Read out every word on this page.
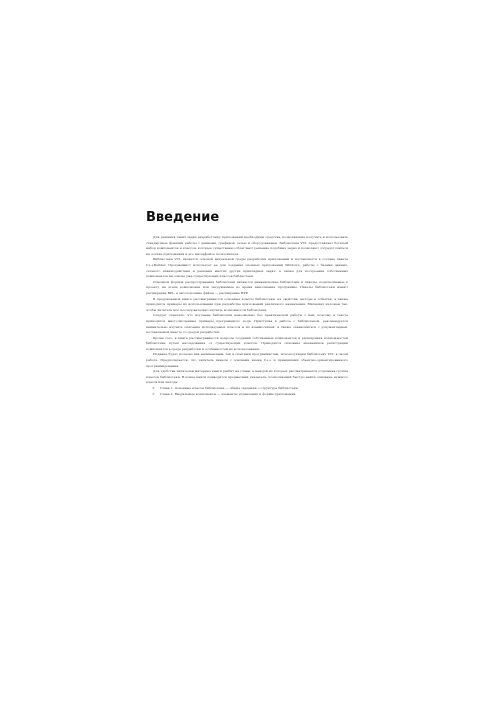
Введение

Для решения таких задач разработчику приложений необходимы средства, позволяющие получать и использовать стандартные функции работы с данными, графикой, сетью и оборудованием. Библиотека VCL предоставляет богатый набор компонентов и классов, которые существенно облегчают решение подобных задач и позволяют сосредоточиться на логике приложения и его интерфейсе пользователя.

Библиотека VCL является основой визуальной среды разработки приложений и поставляется в составе пакета C++Builder. Программист использует ее для создания оконных приложений Windows, работы с базами данных, сетевого взаимодействия и решения многих других прикладных задач, а также для построения собственных компонентов на основе уже существующих классов библиотеки.

Основной формой распространения библиотеки являются динамические библиотеки и пакеты, подключаемые к проекту на этапе компоновки или загружаемые во время выполнения программы. Пакеты библиотеки имеют расширение BPL, а заголовочные файлы — расширение HPP.

В предлагаемой книге рассматриваются основные классы библиотеки, их свойства, методы и события, а также приводятся примеры их использования при разработке приложений различного назначения. Материал изложен так, чтобы читатель мог последовательно изучить возможности библиотеки.

Следует отметить, что изучение библиотеки невозможно без практической работы с ней, поэтому в тексте приводятся многочисленные примеры программного кода. Приступая к работе с библиотекой, рекомендуется внимательно изучить описание используемых классов и их взаимосвязей, а также ознакомиться с документацией, поставляемой вместе со средой разработки.

Кроме того, в книге рассматриваются вопросы создания собственных компонентов и расширения возможностей библиотеки путем наследования от существующих классов. Приводится описание механизмов регистрации компонентов в среде разработки и особенностей их использования.

Издание будет полезно как начинающим, так и опытным программистам, использующим библиотеку VCL в своей работе. Предполагается, что читатель знаком с основами языка C++ и принципами объектно-ориентированного программирования.

Для удобства читателей материал книги разбит на главы, в каждой из которых рассматривается отдельная группа классов библиотеки. В конце книги приводится предметный указатель, позволяющий быстро найти описание нужного класса или метода:

➢ Глава 1. Основные классы библиотеки — общие сведения о структуре библиотеки
➢ Глава 2. Визуальные компоненты — элементы управления и формы приложения
